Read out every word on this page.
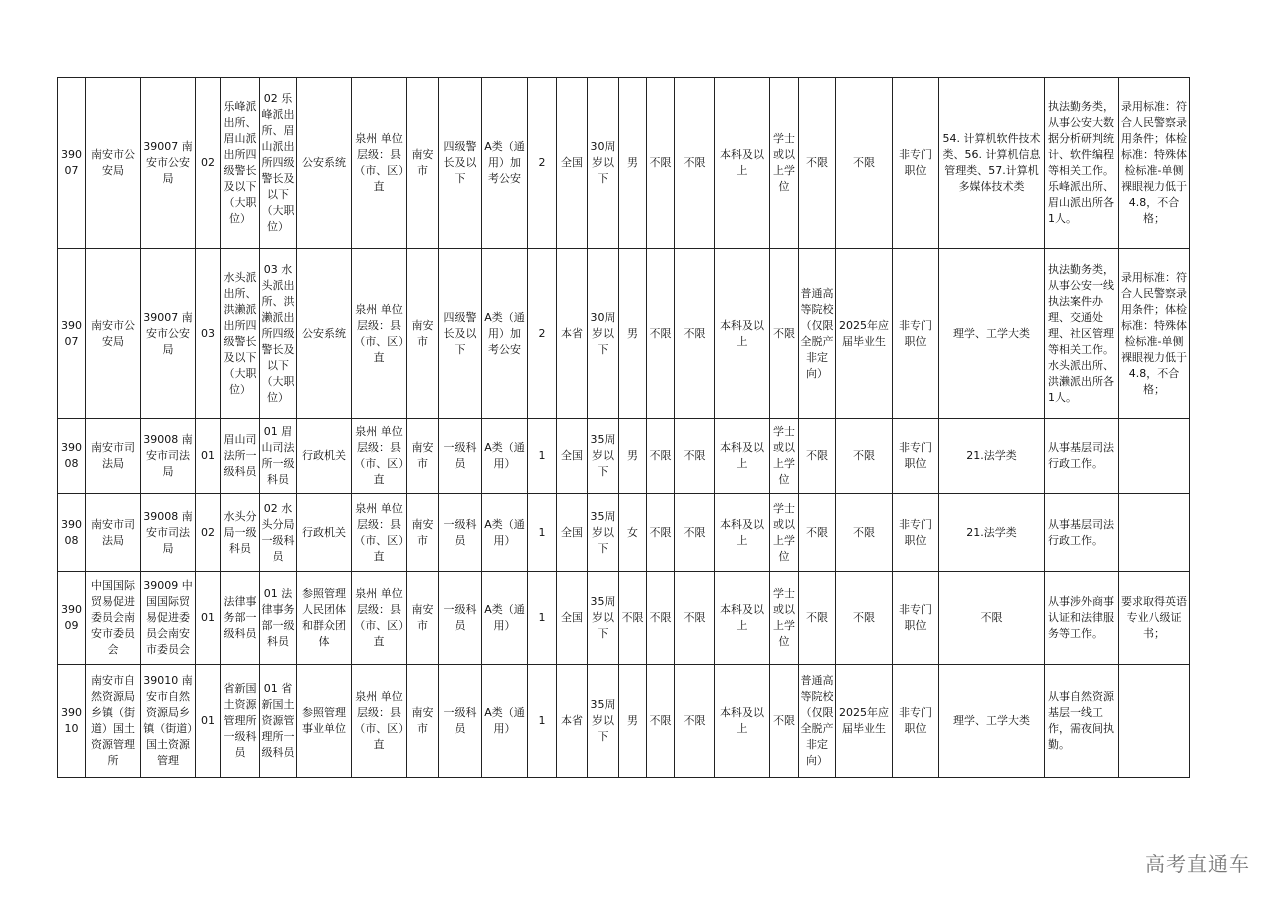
39007	南安市公安局	39007 南安市公安局	02	乐峰派出所、眉山派出所四级警长及以下（大职位）	02 乐峰派出所、眉山派出所四级警长及以下（大职位）	公安系统	泉州 单位层级：县（市、区）直	南安市	四级警长及以下	A类（通用）加考公安	2	全国	30周岁以下	男	不限	不限	本科及以上	学士或以上学位	不限	不限	非专门职位	54. 计算机软件技术类、56. 计算机信息管理类、57.计算机多媒体技术类	执法勤务类，从事公安大数据分析研判统计、软件编程等相关工作。乐峰派出所、眉山派出所各1人。	录用标准：符合人民警察录用条件；体检标准：特殊体检标准-单侧裸眼视力低于4.8，不合格；
39007	南安市公安局	39007 南安市公安局	03	水头派出所、洪濑派出所四级警长及以下（大职位）	03 水头派出所、洪濑派出所四级警长及以下（大职位）	公安系统	泉州 单位层级：县（市、区）直	南安市	四级警长及以下	A类（通用）加考公安	2	本省	30周岁以下	男	不限	不限	本科及以上	不限	普通高等院校（仅限全脱产非定向）	2025年应届毕业生	非专门职位	理学、工学大类	执法勤务类，从事公安一线执法案件办理、交通处理、社区管理等相关工作。水头派出所、洪濑派出所各1人。	录用标准：符合人民警察录用条件；体检标准：特殊体检标准-单侧裸眼视力低于4.8，不合格；
39008	南安市司法局	39008 南安市司法局	01	眉山司法所一级科员	01 眉山司法所一级科员	行政机关	泉州 单位层级：县（市、区）直	南安市	一级科员	A类（通用）	1	全国	35周岁以下	男	不限	不限	本科及以上	学士或以上学位	不限	不限	非专门职位	21.法学类	从事基层司法行政工作。	
39008	南安市司法局	39008 南安市司法局	02	水头分局一级科员	02 水头分局一级科员	行政机关	泉州 单位层级：县（市、区）直	南安市	一级科员	A类（通用）	1	全国	35周岁以下	女	不限	不限	本科及以上	学士或以上学位	不限	不限	非专门职位	21.法学类	从事基层司法行政工作。	
39009	中国国际贸易促进委员会南安市委员会	39009 中国国际贸易促进委员会南安市委员会	01	法律事务部一级科员	01 法律事务部一级科员	参照管理人民团体和群众团体	泉州 单位层级：县（市、区）直	南安市	一级科员	A类（通用）	1	全国	35周岁以下	不限	不限	不限	本科及以上	学士或以上学位	不限	不限	非专门职位	不限	从事涉外商事认证和法律服务等工作。	要求取得英语专业八级证书；
39010	南安市自然资源局乡镇（街道）国土资源管理所	39010 南安市自然资源局乡镇（街道）国土资源管理	01	省新国土资源管理所一级科员	01 省新国土资源管理所一级科员	参照管理事业单位	泉州 单位层级：县（市、区）直	南安市	一级科员	A类（通用）	1	本省	35周岁以下	男	不限	不限	本科及以上	不限	普通高等院校（仅限全脱产非定向）	2025年应届毕业生	非专门职位	理学、工学大类	从事自然资源基层一线工作，需夜间执勤。	
高考直通车
